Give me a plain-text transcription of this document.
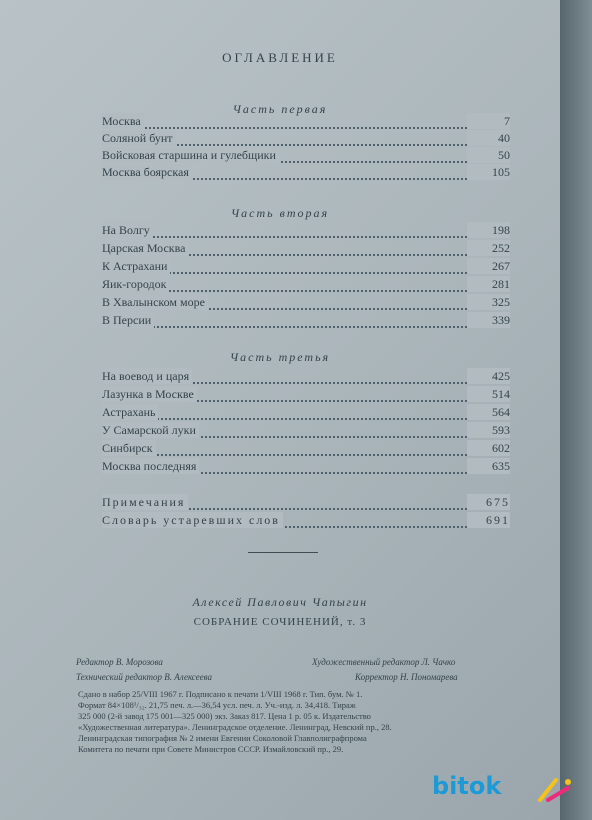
ОГЛАВЛЕНИЕ
Часть первая
Москва	7
Соляной бунт	40
Войсковая старшина и гулебщики	50
Москва боярская	105
Часть вторая
На Волгу	198
Царская Москва	252
К Астрахани	267
Яик-городок	281
В Хвалынском море	325
В Персии	339
Часть третья
На воевод и царя	425
Лазунка в Москве	514
Астрахань	564
У Самарской луки	593
Синбирск	602
Москва последняя	635
Примечания	675
Словарь устаревших слов	691
Алексей Павлович Чапыгин
СОБРАНИЕ СОЧИНЕНИЙ, т. 3
Редактор В. Морозова	Художественный редактор Л. Чачко
Технический редактор В. Алексеева	Корректор Н. Пономарева
Сдано в набор 25/VIII 1967 г. Подписано к печати 1/VIII 1968 г. Тип. бум. № 1.
Формат 84×108¹/₃₂. 21,75 печ. л.—36,54 усл. печ. л. Уч.-изд. л. 34,418. Тираж
325 000 (2-й завод 175 001—325 000) экз. Заказ 817. Цена 1 р. 05 к. Издательство
«Художественная литература». Ленинградское отделение. Ленинград, Невский пр., 28.
Ленинградская типография № 2 имени Евгении Соколовой Главполиграфпрома
Комитета по печати при Совете Министров СССР. Измайловский пр., 29.
bitok
